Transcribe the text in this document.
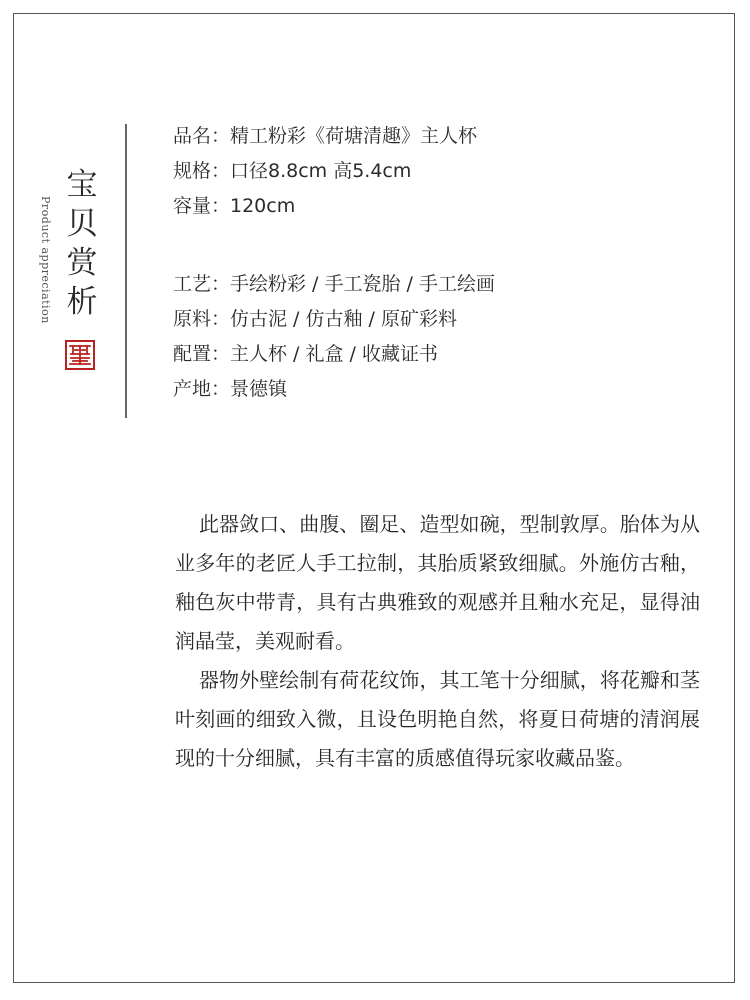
宝
贝
赏
析
Product appreciation
品名：精工粉彩《荷塘清趣》主人杯
规格：口径8.8cm 高5.4cm
容量：120cm
工艺：手绘粉彩 / 手工瓷胎 / 手工绘画
原料：仿古泥 / 仿古釉 / 原矿彩料
配置：主人杯 / 礼盒 / 收藏证书
产地：景德镇

此器敛口、曲腹、圈足、造型如碗，型制敦厚。胎体为从业多年的老匠人手工拉制，其胎质紧致细腻。外施仿古釉，釉色灰中带青，具有古典雅致的观感并且釉水充足，显得油润晶莹，美观耐看。

器物外壁绘制有荷花纹饰，其工笔十分细腻，将花瓣和茎叶刻画的细致入微，且设色明艳自然，将夏日荷塘的清润展现的十分细腻，具有丰富的质感值得玩家收藏品鉴。
